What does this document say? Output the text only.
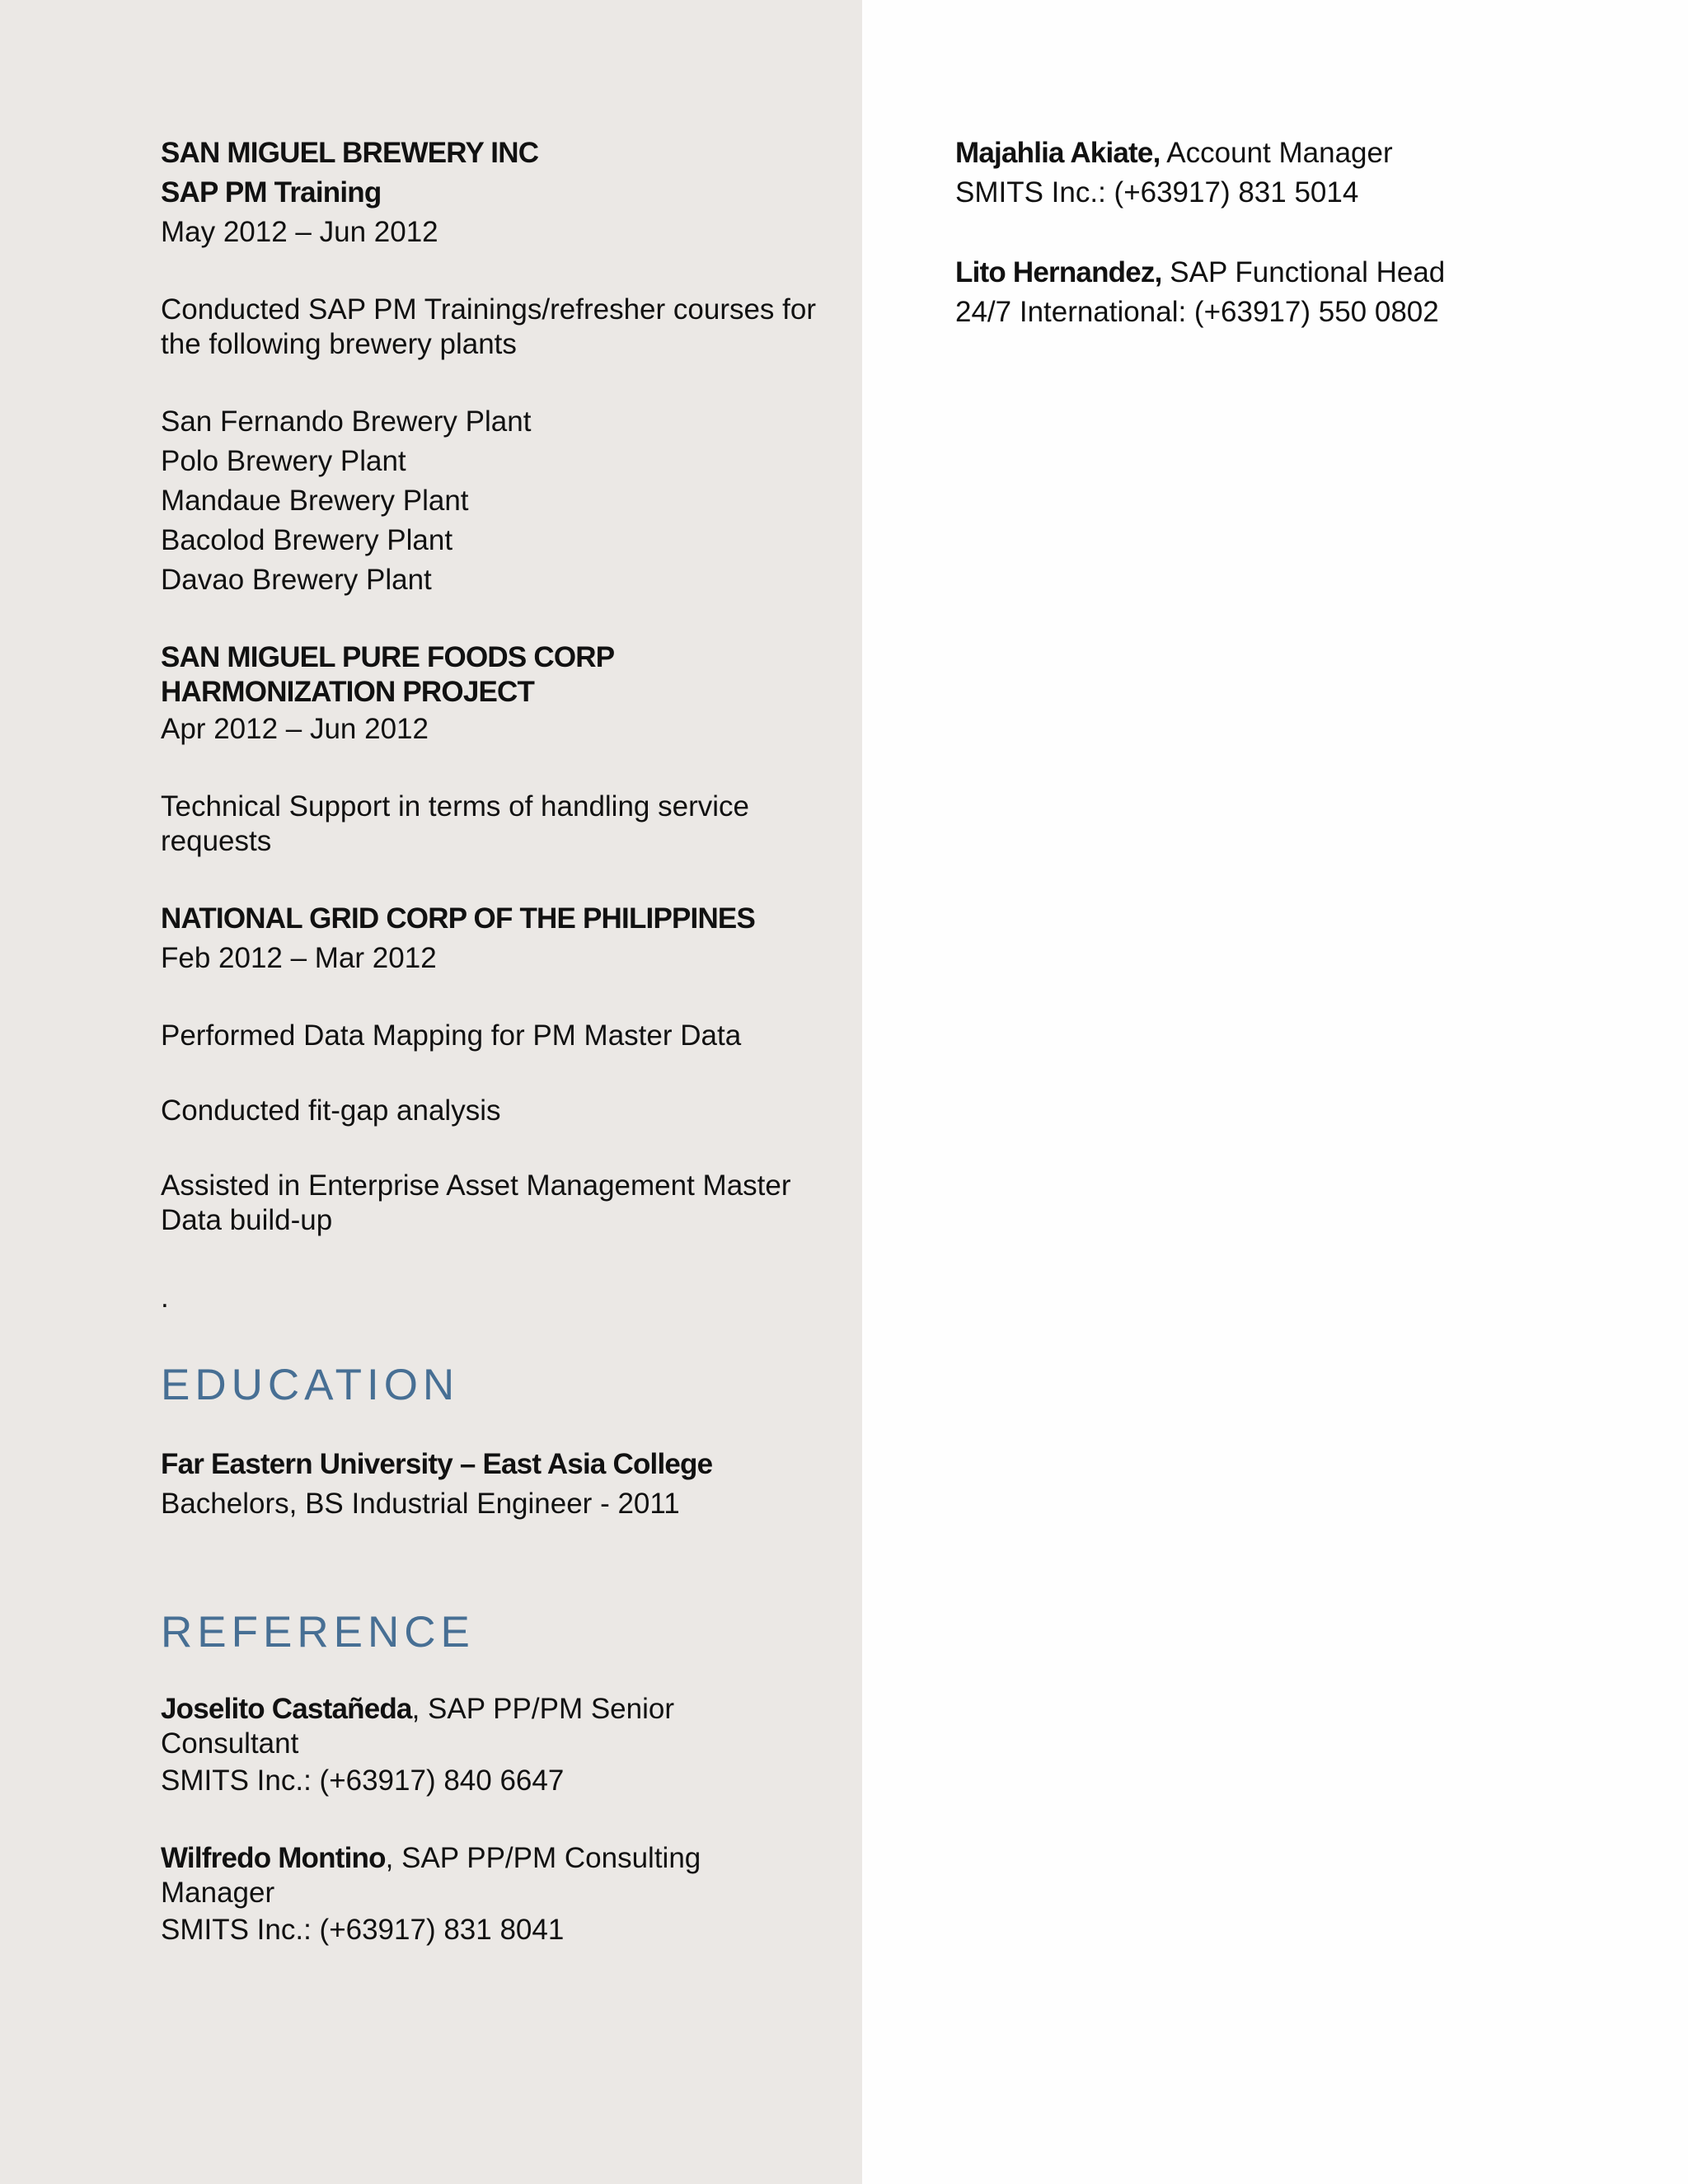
SAN MIGUEL BREWERY INC

SAP PM Training

May 2012 – Jun 2012

Conducted SAP PM Trainings/refresher courses for the following brewery plants

San Fernando Brewery Plant
Polo Brewery Plant
Mandaue Brewery Plant
Bacolod Brewery Plant
Davao Brewery Plant

SAN MIGUEL PURE FOODS CORP HARMONIZATION PROJECT

Apr 2012 – Jun 2012

Technical Support in terms of handling service requests

NATIONAL GRID CORP OF THE PHILIPPINES

Feb 2012 – Mar 2012

Performed Data Mapping for PM Master Data

Conducted fit-gap analysis

Assisted in Enterprise Asset Management Master Data build-up

.

EDUCATION

Far Eastern University – East Asia College

Bachelors, BS Industrial Engineer - 2011

REFERENCE

Joselito Castañeda, SAP PP/PM Senior Consultant

SMITS Inc.: (+63917) 840 6647

Wilfredo Montino, SAP PP/PM Consulting Manager

SMITS Inc.: (+63917) 831 8041

Majahlia Akiate, Account Manager

SMITS Inc.: (+63917) 831 5014

Lito Hernandez, SAP Functional Head

24/7 International: (+63917) 550 0802
